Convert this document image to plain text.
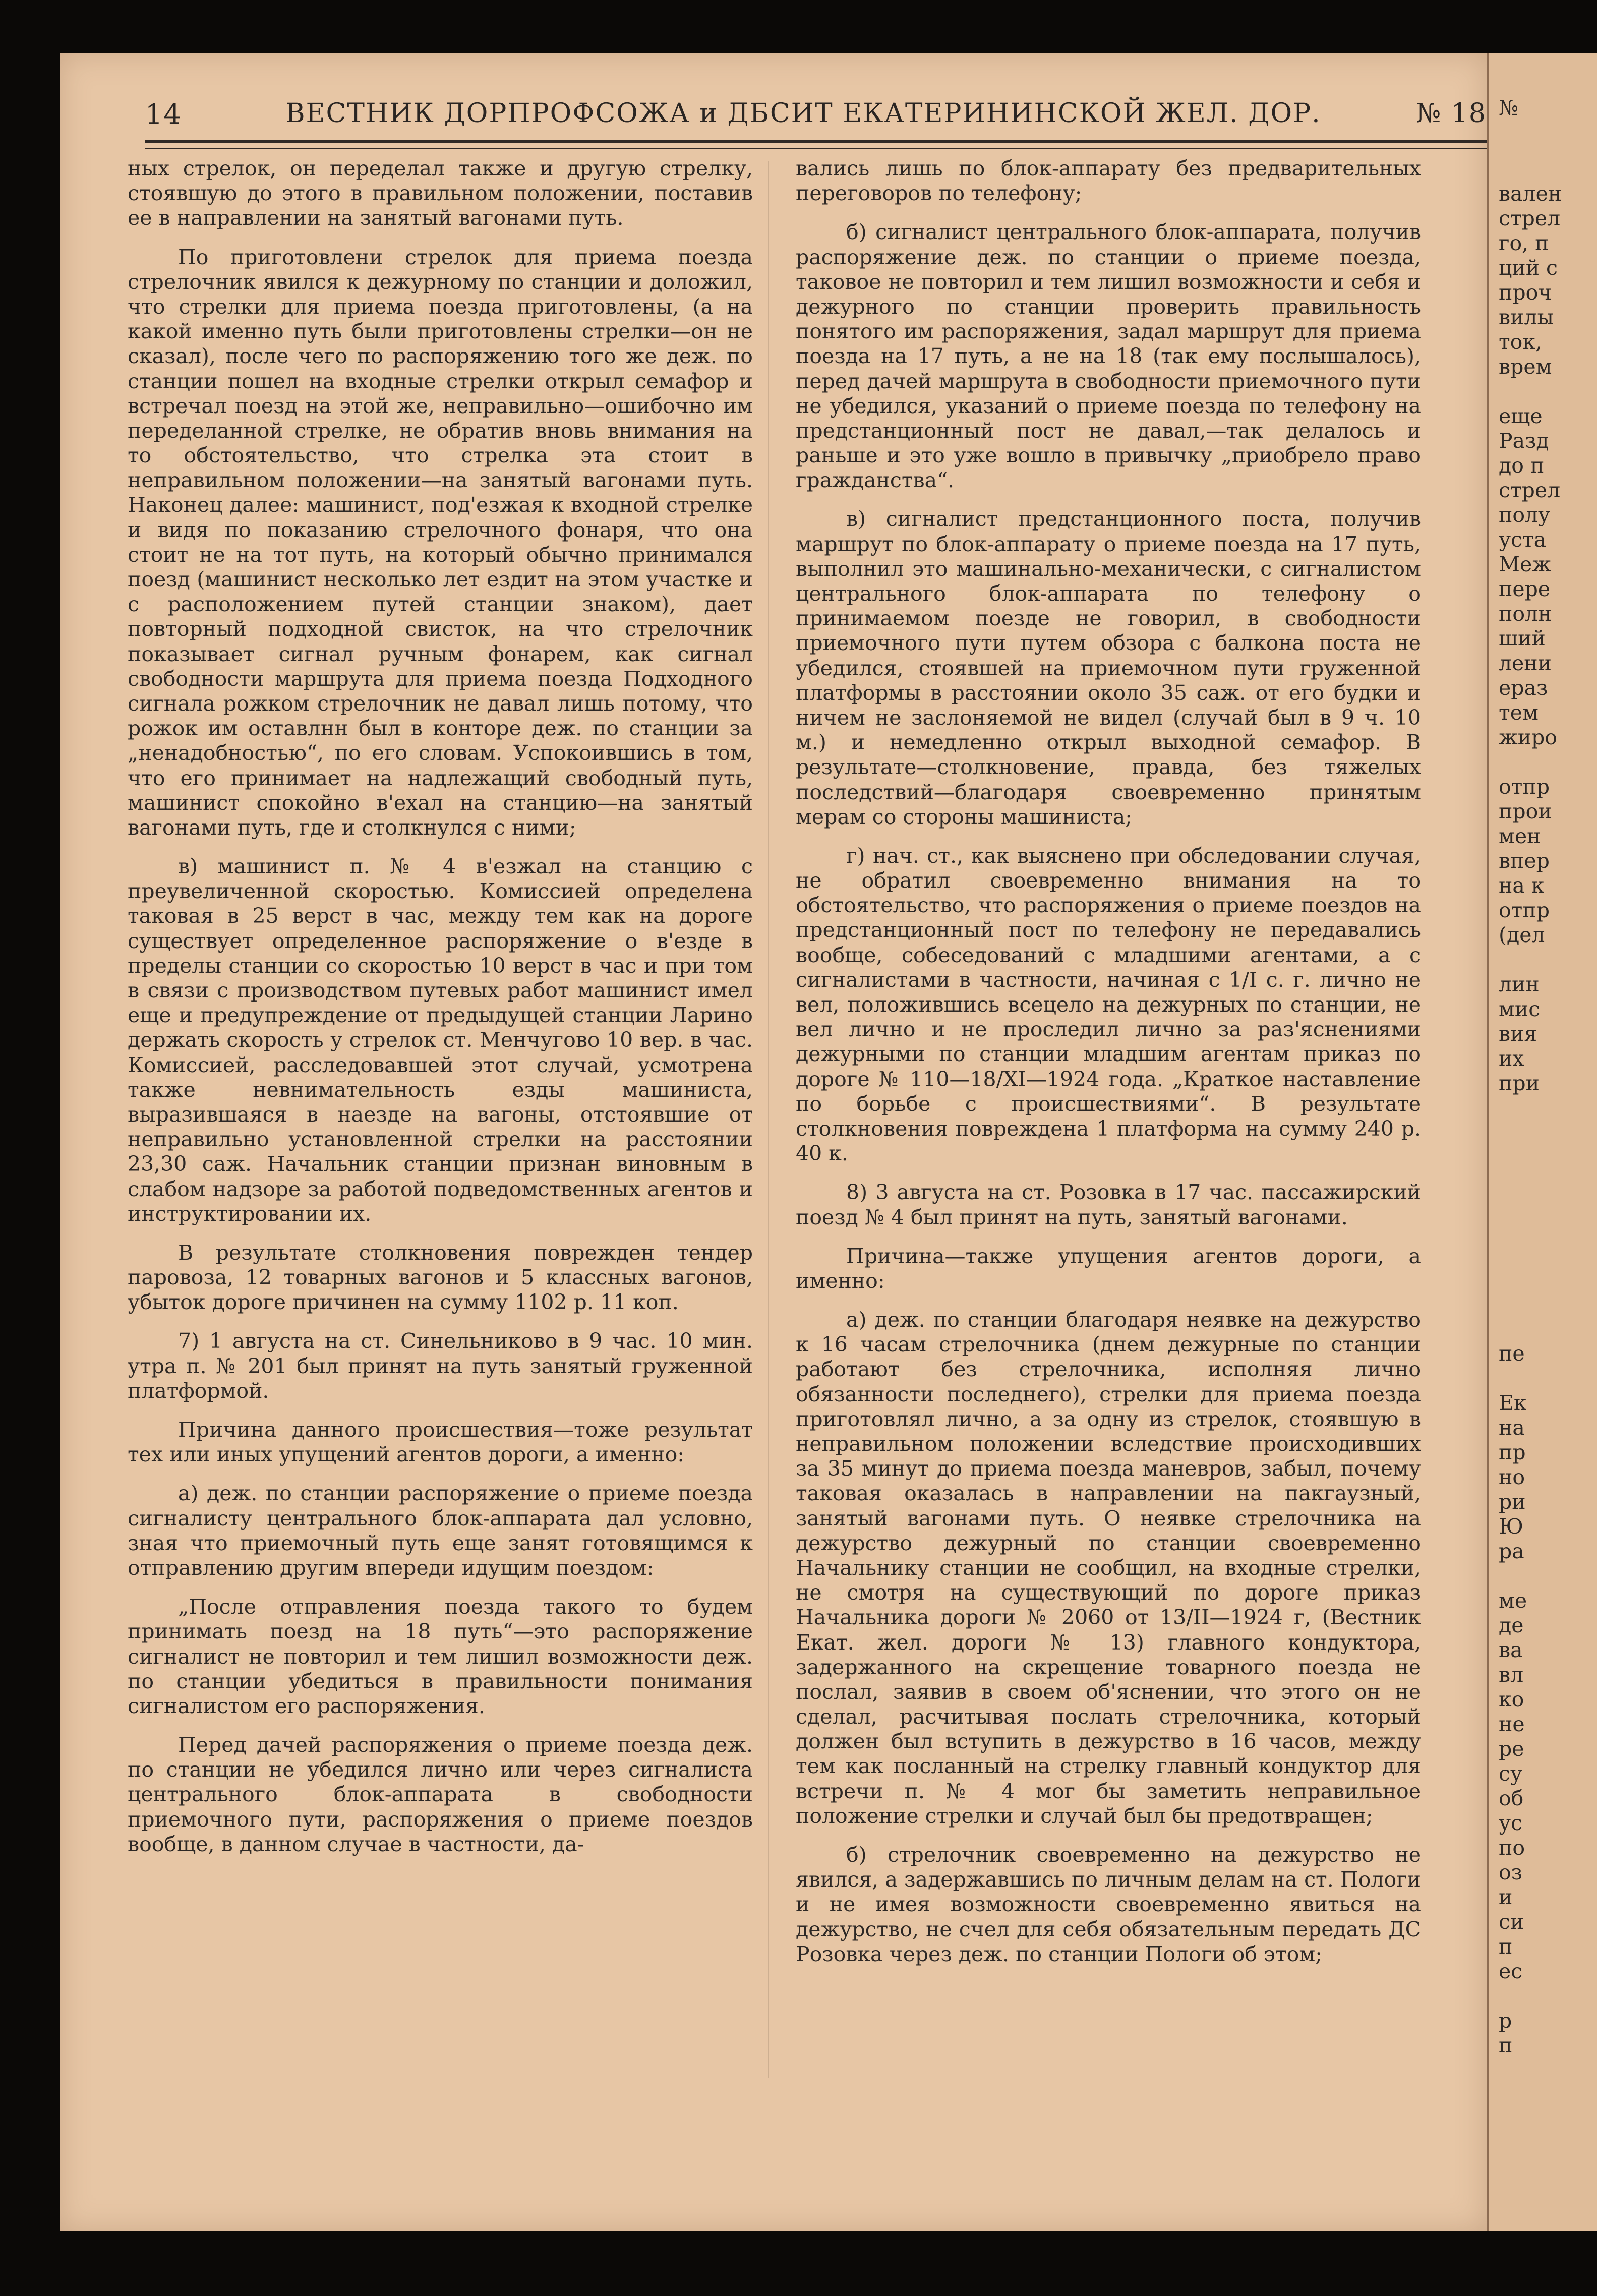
14	ВЕСТНИК ДОРПРОФСОЖА и ДБСИТ ЕКАТЕРИНИНСКОЙ ЖЕЛ. ДОР.	№ 18

ных стрелок, он переделал также и другую стрелку, стоявшую до этого в правильном положении, поставив ее в направлении на занятый вагонами путь.

По приготовлени стрелок для приема поезда стрелочник явился к дежурному по станции и доложил, что стрелки для приема поезда приготовлены, (а на какой именно путь были приготовлены стрелки—он не сказал), после чего по распоряжению того же деж. по станции пошел на входные стрелки открыл семафор и встречал поезд на этой же, неправильно—ошибочно им переделанной стрелке, не обратив вновь внимания на то обстоятельство, что стрелка эта стоит в неправильном положении—на занятый вагонами путь. Наконец далее: машинист, под'езжая к входной стрелке и видя по показанию стрелочного фонаря, что она стоит не на тот путь, на который обычно принимался поезд (машинист несколько лет ездит на этом участке и с расположением путей станции знаком), дает повторный подходной свисток, на что стрелочник показывает сигнал ручным фонарем, как сигнал свободности маршрута для приема поезда Подходного сигнала рожком стрелочник не давал лишь потому, что рожок им оставлнн был в конторе деж. по станции за „ненадобностью“, по его словам. Успокоившись в том, что его принимает на надлежащий свободный путь, машинист спокойно в'ехал на станцию—на занятый вагонами путь, где и столкнулся с ними;

в) машинист п. № 4 в'езжал на станцию с преувеличенной скоростью. Комиссией определена таковая в 25 верст в час, между тем как на дороге существует определенное распоряжение о в'езде в пределы станции со скоростью 10 верст в час и при том в связи с производством путевых работ машинист имел еще и предупреждение от предыдущей станции Ларино держать скорость у стрелок ст. Менчугово 10 вер. в час. Комиссией, расследовавшей этот случай, усмотрена также невнимательность езды машиниста, выразившаяся в наезде на вагоны, отстоявшие от неправильно установленной стрелки на расстоянии 23,30 саж. Начальник станции признан виновным в слабом надзоре за работой подведомственных агентов и инструктировании их.

В результате столкновения поврежден тендер паровоза, 12 товарных вагонов и 5 классных вагонов, убыток дороге причинен на сумму 1102 р. 11 коп.

7) 1 августа на ст. Синельниково в 9 час. 10 мин. утра п. № 201 был принят на путь занятый груженной платформой.

Причина данного происшествия—тоже результат тех или иных упущений агентов дороги, а именно:

а) деж. по станции распоряжение о приеме поезда сигналисту центрального блок-аппарата дал условно, зная что приемочный путь еще занят готовящимся к отправлению другим впереди идущим поездом:

„После отправления поезда такого то будем принимать поезд на 18 путь“—это распоряжение сигналист не повторил и тем лишил возможности деж. по станции убедиться в правильности понимания сигналистом его распоряжения.

Перед дачей распоряжения о приеме поезда деж. по станции не убедился лично или через сигналиста центрального блок-аппарата в свободности приемочного пути, распоряжения о приеме поездов вообще, в данном случае в частности, да-

вались лишь по блок-аппарату без предварительных переговоров по телефону;

б) сигналист центрального блок-аппарата, получив распоряжение деж. по станции о приеме поезда, таковое не повторил и тем лишил возможности и себя и дежурного по станции проверить правильность понятого им распоряжения, задал маршрут для приема поезда на 17 путь, а не на 18 (так ему послышалось), перед дачей маршрута в свободности приемочного пути не убедился, указаний о приеме поезда по телефону на предстанционный пост не давал,—так делалось и раньше и это уже вошло в привычку „приобрело право гражданства“.

в) сигналист предстанционного поста, получив маршрут по блок-аппарату о приеме поезда на 17 путь, выполнил это машинально-механически, с сигналистом центрального блок-аппарата по телефону о принимаемом поезде не говорил, в свободности приемочного пути путем обзора с балкона поста не убедился, стоявшей на приемочном пути груженной платформы в расстоянии около 35 саж. от его будки и ничем не заслоняемой не видел (случай был в 9 ч. 10 м.) и немедленно открыл выходной семафор. В результате—столкновение, правда, без тяжелых последствий—благодаря своевременно принятым мерам со стороны машиниста;

г) нач. ст., как выяснено при обследовании случая, не обратил своевременно внимания на то обстоятельство, что распоряжения о приеме поездов на предстанционный пост по телефону не передавались вообще, собеседований с младшими агентами, а с сигналистами в частности, начиная с 1/I с. г. лично не вел, положившись всецело на дежурных по станции, не вел лично и не проследил лично за раз'яснениями дежурными по станции младшим агентам приказ по дороге № 110—18/XI—1924 года. „Краткое наставление по борьбе с происшествиями“. В результате столкновения повреждена 1 платформа на сумму 240 р. 40 к.

8) 3 августа на ст. Розовка в 17 час. пассажирский поезд № 4 был принят на путь, занятый вагонами.

Причина—также упущения агентов дороги, а именно:

а) деж. по станции благодаря неявке на дежурство к 16 часам стрелочника (днем дежурные по станции работают без стрелочника, исполняя лично обязанности последнего), стрелки для приема поезда приготовлял лично, а за одну из стрелок, стоявшую в неправильном положении вследствие происходивших за 35 минут до приема поезда маневров, забыл, почему таковая оказалась в направлении на пакгаузный, занятый вагонами путь. О неявке стрелочника на дежурство дежурный по станции своевременно Начальнику станции не сообщил, на входные стрелки, не смотря на существующий по дороге приказ Начальника дороги № 2060 от 13/II—1924 г, (Вестник Екат. жел. дороги № 13) главного кондуктора, задержанного на скрещение товарного поезда не послал, заявив в своем об'яснении, что этого он не сделал, расчитывая послать стрелочника, который должен был вступить в дежурство в 16 часов, между тем как посланный на стрелку главный кондуктор для встречи п. № 4 мог бы заметить неправильное положение стрелки и случай был бы предотвращен;

б) стрелочник своевременно на дежурство не явился, а задержавшись по личным делам на ст. Пологи и не имея возможности своевременно явиться на дежурство, не счел для себя обязательным передать ДС Розовка через деж. по станции Пологи об этом;

№
вален
стрел
го, п
ций с
проч
вилы
ток,
врем
еще
Разд
до п
стрел
полу
уста
Меж
пере
полн
ший
лени
ераз
тем
жиро
отпр
прои
мен
впер
на к
отпр
(дел
лин
мис
вия
их
при
пе
Ек
на
пр
но
ри
Ю
ра
ме
де
ва
вл
ко
не
ре
су
об
ус
по
оз
и
си
п
ес
р
п
